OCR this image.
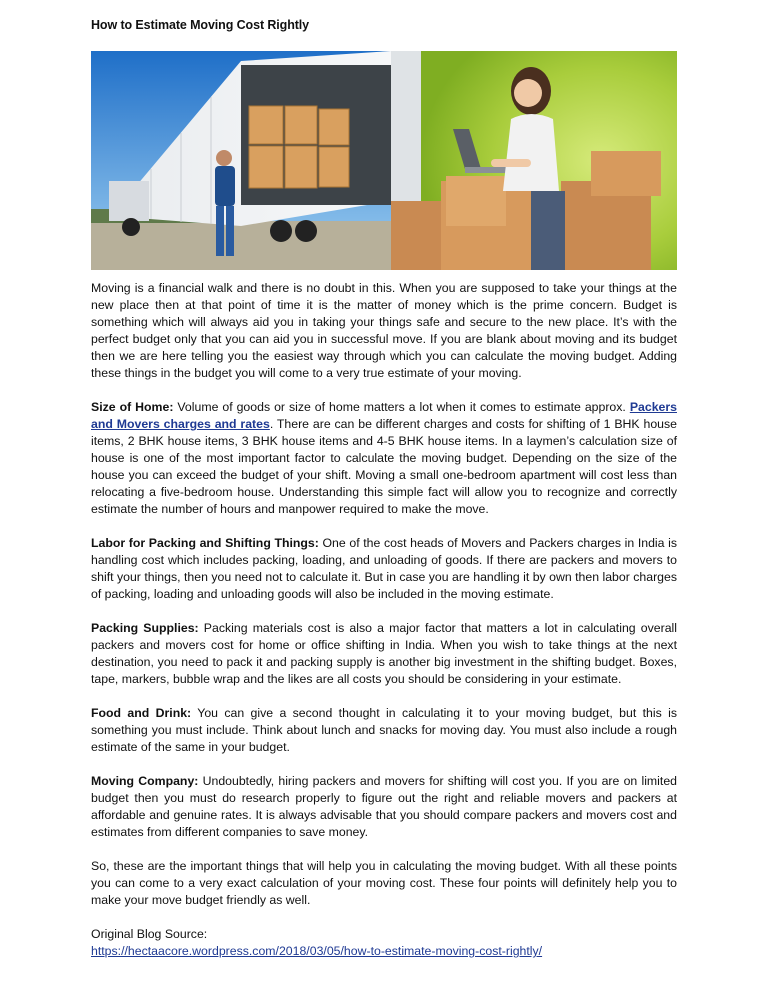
How to Estimate Moving Cost Rightly

Moving is a financial walk and there is no doubt in this. When you are supposed to take your things at the new place then at that point of time it is the matter of money which is the prime concern. Budget is something which will always aid you in taking your things safe and secure to the new place. It’s with the perfect budget only that you can aid you in successful move. If you are blank about moving and its budget then we are here telling you the easiest way through which you can calculate the moving budget. Adding these things in the budget you will come to a very true estimate of your moving.

Size of Home: Volume of goods or size of home matters a lot when it comes to estimate approx. Packers and Movers charges and rates. There are can be different charges and costs for shifting of 1 BHK house items, 2 BHK house items, 3 BHK house items and 4-5 BHK house items. In a laymen’s calculation size of house is one of the most important factor to calculate the moving budget. Depending on the size of the house you can exceed the budget of your shift. Moving a small one-bedroom apartment will cost less than relocating a five-bedroom house. Understanding this simple fact will allow you to recognize and correctly estimate the number of hours and manpower required to make the move.

Labor for Packing and Shifting Things: One of the cost heads of Movers and Packers charges in India is handling cost which includes packing, loading, and unloading of goods. If there are packers and movers to shift your things, then you need not to calculate it. But in case you are handling it by own then labor charges of packing, loading and unloading goods will also be included in the moving estimate.

Packing Supplies: Packing materials cost is also a major factor that matters a lot in calculating overall packers and movers cost for home or office shifting in India. When you wish to take things at the next destination, you need to pack it and packing supply is another big investment in the shifting budget. Boxes, tape, markers, bubble wrap and the likes are all costs you should be considering in your estimate.

Food and Drink: You can give a second thought in calculating it to your moving budget, but this is something you must include. Think about lunch and snacks for moving day. You must also include a rough estimate of the same in your budget.

Moving Company: Undoubtedly, hiring packers and movers for shifting will cost you. If you are on limited budget then you must do research properly to figure out the right and reliable movers and packers at affordable and genuine rates. It is always advisable that you should compare packers and movers cost and estimates from different companies to save money.

So, these are the important things that will help you in calculating the moving budget. With all these points you can come to a very exact calculation of your moving cost. These four points will definitely help you to make your move budget friendly as well.

Original Blog Source:
https://hectaacore.wordpress.com/2018/03/05/how-to-estimate-moving-cost-rightly/
